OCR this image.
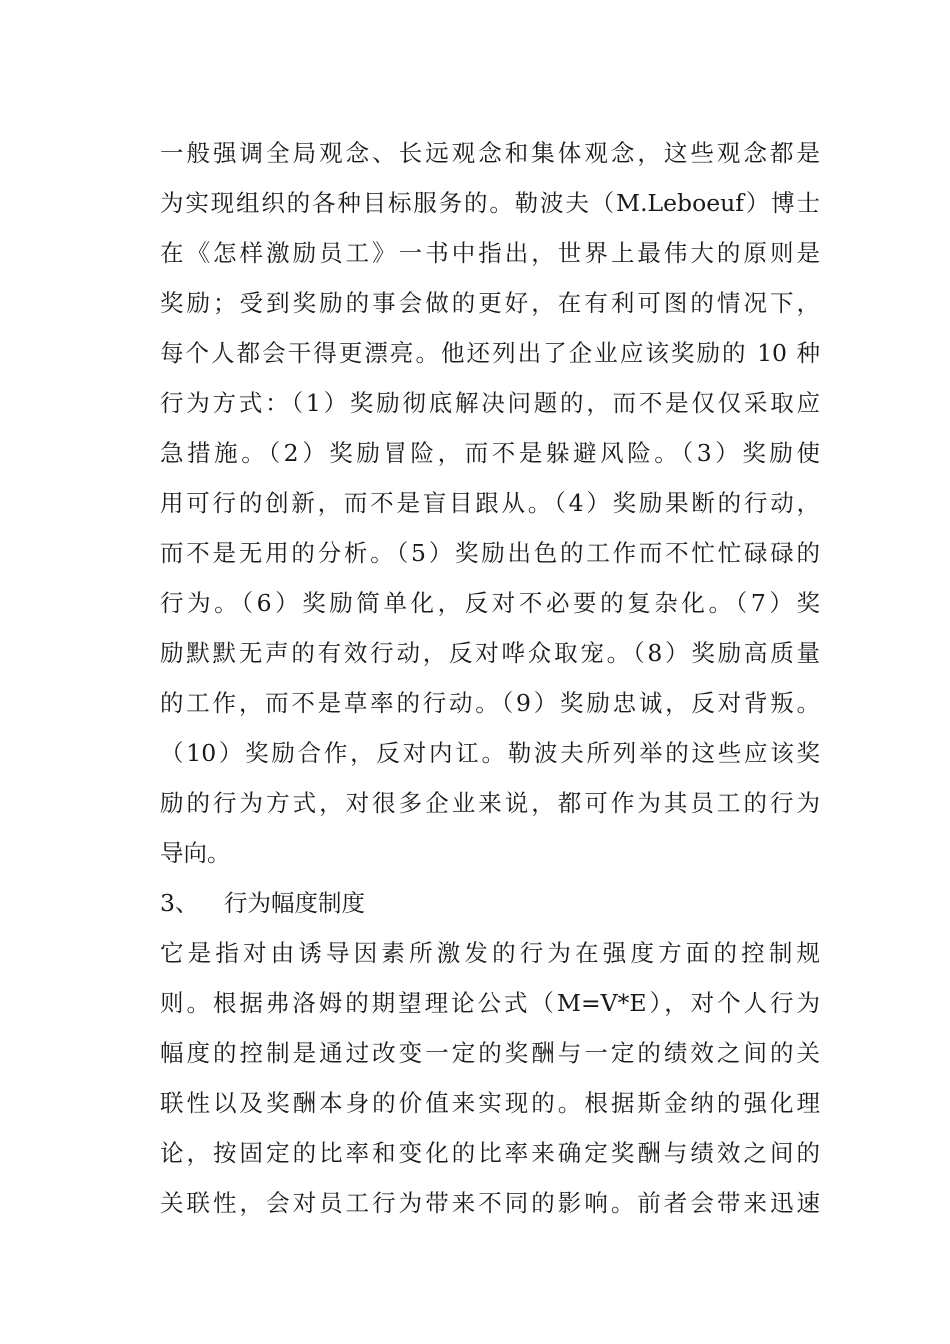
一般强调全局观念、长远观念和集体观念，这些观念都是
为实现组织的各种目标服务的。勒波夫（M.Leboeuf）博士
在《怎样激励员工》一书中指出，世界上最伟大的原则是
奖励；受到奖励的事会做的更好，在有利可图的情况下，
每个人都会干得更漂亮。他还列出了企业应该奖励的 10 种
行为方式：（1）奖励彻底解决问题的，而不是仅仅采取应
急措施。（2）奖励冒险，而不是躲避风险。（3）奖励使
用可行的创新，而不是盲目跟从。（4）奖励果断的行动，
而不是无用的分析。（5）奖励出色的工作而不忙忙碌碌的
行为。（6）奖励简单化，反对不必要的复杂化。（7）奖
励默默无声的有效行动，反对哗众取宠。（8）奖励高质量
的工作，而不是草率的行动。（9）奖励忠诚，反对背叛。
（10）奖励合作，反对内讧。勒波夫所列举的这些应该奖
励的行为方式，对很多企业来说，都可作为其员工的行为
导向。
3、	行为幅度制度
它是指对由诱导因素所激发的行为在强度方面的控制规
则。根据弗洛姆的期望理论公式（M=V*E），对个人行为
幅度的控制是通过改变一定的奖酬与一定的绩效之间的关
联性以及奖酬本身的价值来实现的。根据斯金纳的强化理
论，按固定的比率和变化的比率来确定奖酬与绩效之间的
关联性，会对员工行为带来不同的影响。前者会带来迅速
